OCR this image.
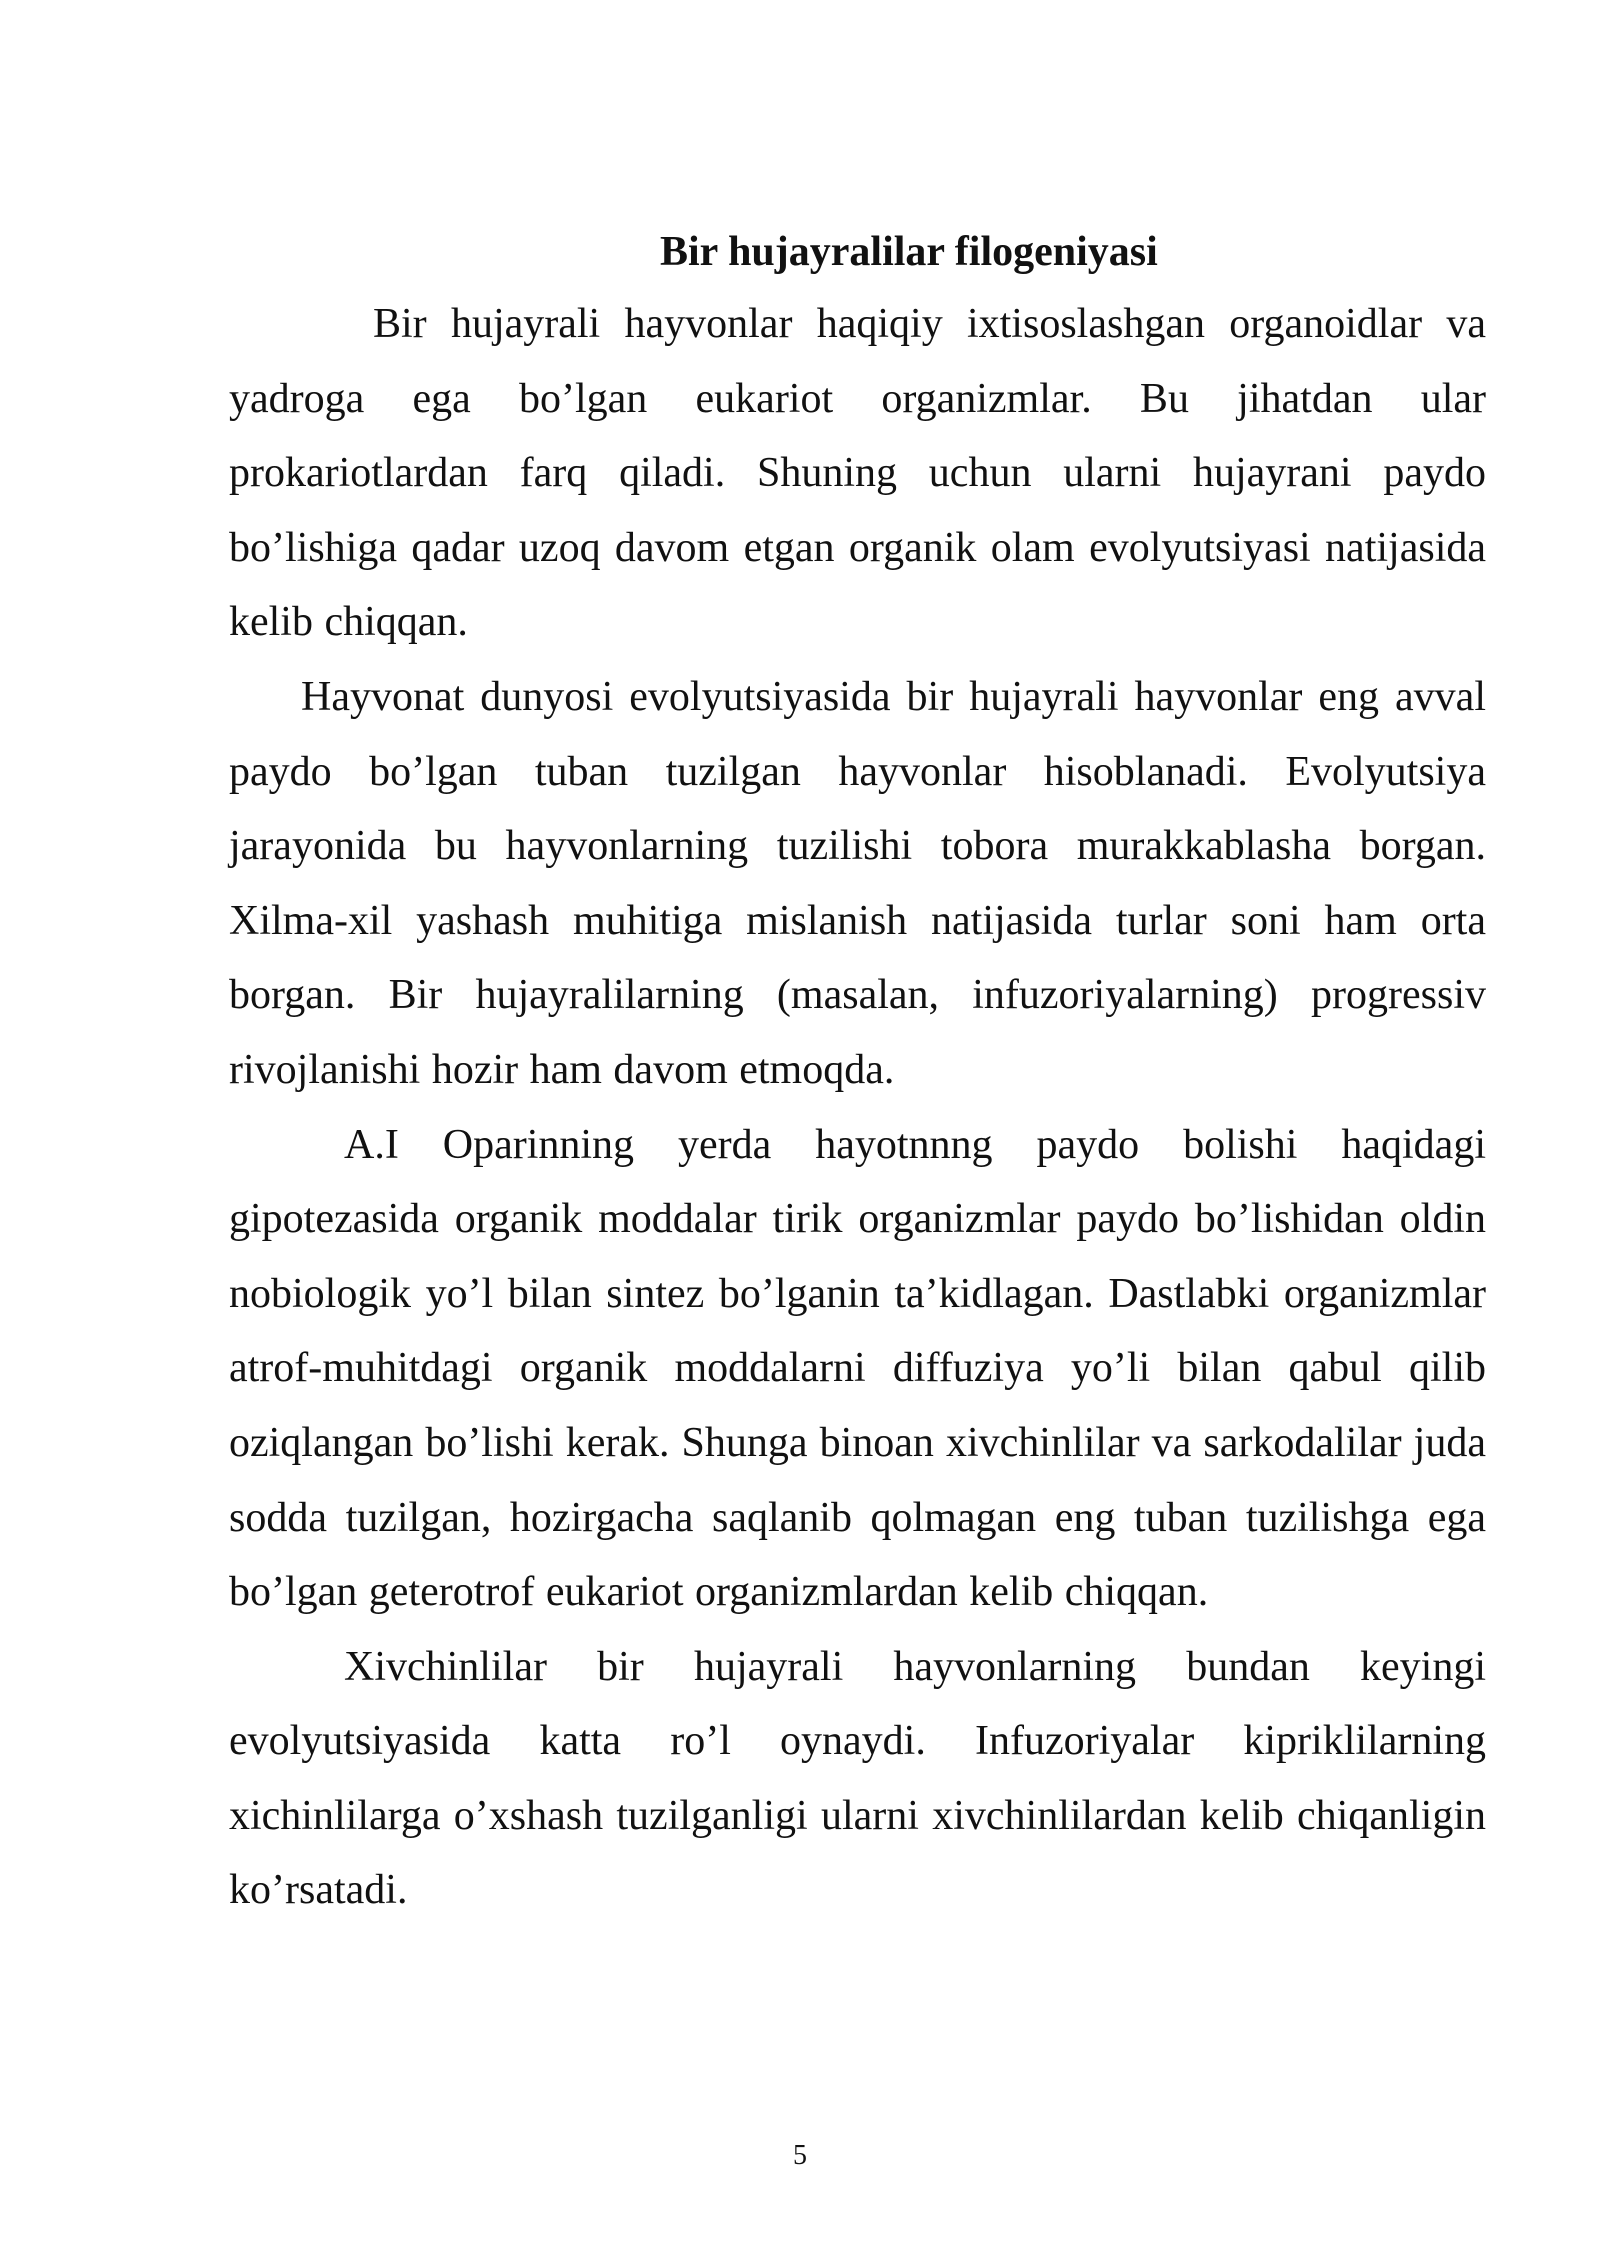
Bir hujayralilar filogeniyasi

Bir hujayrali hayvonlar haqiqiy ixtisoslashgan organoidlar va yadroga ega bo’lgan eukariot organizmlar. Bu jihatdan ular prokariotlardan farq qiladi. Shuning uchun ularni hujayrani paydo bo’lishiga qadar uzoq davom etgan organik olam evolyutsiyasi natijasida kelib chiqqan.

Hayvonat dunyosi evolyutsiyasida bir hujayrali hayvonlar eng avval paydo bo’lgan tuban tuzilgan hayvonlar hisoblanadi. Evolyutsiya jarayonida bu hayvonlarning tuzilishi tobora murakkablasha borgan. Xilma-xil yashash muhitiga mislanish natijasida turlar soni ham orta borgan. Bir hujayralilarning (masalan, infuzoriyalarning) progressiv rivojlanishi hozir ham davom etmoqda.

A.I Oparinning yerda hayotnnng paydo bolishi haqidagi gipotezasida organik moddalar tirik organizmlar paydo bo’lishidan oldin nobiologik yo’l bilan sintez bo’lganin ta’kidlagan. Dastlabki organizmlar atrof-muhitdagi organik moddalarni diffuziya yo’li bilan qabul qilib oziqlangan bo’lishi kerak. Shunga binoan xivchinlilar va sarkodalilar juda sodda tuzilgan, hozirgacha saqlanib qolmagan eng tuban tuzilishga ega bo’lgan geterotrof eukariot organizmlardan kelib chiqqan.

Xivchinlilar bir hujayrali hayvonlarning bundan keyingi evolyutsiyasida katta ro’l oynaydi. Infuzoriyalar kipriklilarning xichinlilarga o’xshash tuzilganligi ularni xivchinlilardan kelib chiqanligin ko’rsatadi.

5
